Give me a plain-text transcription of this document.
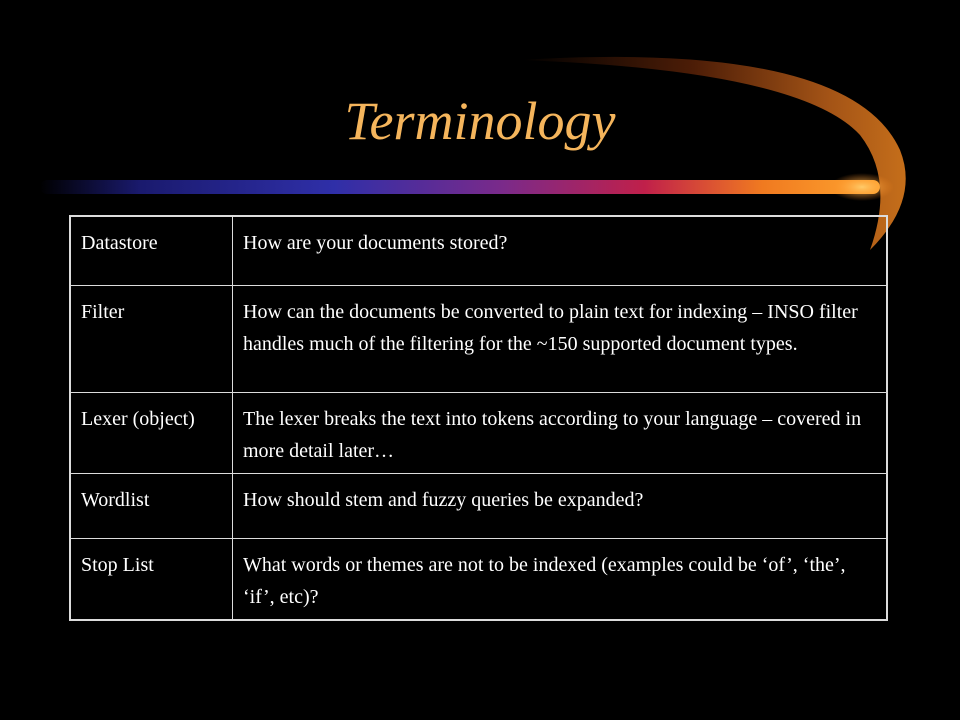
Terminology
Datastore	How are your documents stored?
Filter	How can the documents be converted to plain text for indexing – INSO filter handles much of the filtering for the ~150 supported document types.
Lexer (object)	The lexer breaks the text into tokens according to your language – covered in more detail later…
Wordlist	How should stem and fuzzy queries be expanded?
Stop List	What words or themes are not to be indexed (examples could be ‘of’, ‘the’, ‘if’, etc)?
